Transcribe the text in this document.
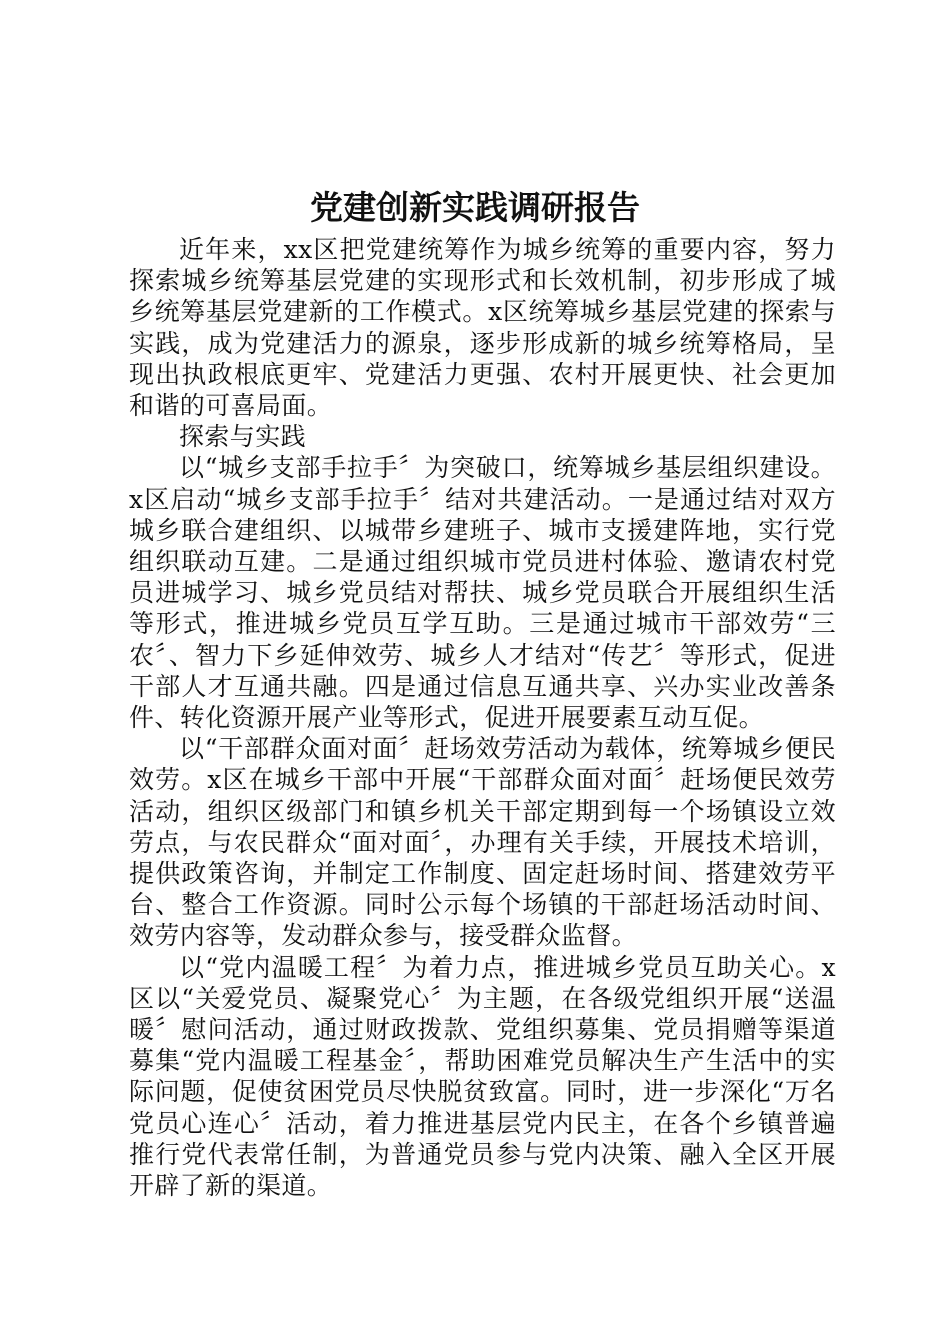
党建创新实践调研报告

近年来，xx区把党建统筹作为城乡统筹的重要内容，努力探索城乡统筹基层党建的实现形式和长效机制，初步形成了城乡统筹基层党建新的工作模式。x区统筹城乡基层党建的探索与实践，成为党建活力的源泉，逐步形成新的城乡统筹格局，呈现出执政根底更牢、党建活力更强、农村开展更快、社会更加和谐的可喜局面。

探索与实践

以“城乡支部手拉手〞为突破口，统筹城乡基层组织建设。x区启动“城乡支部手拉手〞结对共建活动。一是通过结对双方城乡联合建组织、以城带乡建班子、城市支援建阵地，实行党组织联动互建。二是通过组织城市党员进村体验、邀请农村党员进城学习、城乡党员结对帮扶、城乡党员联合开展组织生活等形式，推进城乡党员互学互助。三是通过城市干部效劳“三农〞、智力下乡延伸效劳、城乡人才结对“传艺〞等形式，促进干部人才互通共融。四是通过信息互通共享、兴办实业改善条件、转化资源开展产业等形式，促进开展要素互动互促。

以“干部群众面对面〞赶场效劳活动为载体，统筹城乡便民效劳。x区在城乡干部中开展“干部群众面对面〞赶场便民效劳活动，组织区级部门和镇乡机关干部定期到每一个场镇设立效劳点，与农民群众“面对面〞，办理有关手续，开展技术培训，提供政策咨询，并制定工作制度、固定赶场时间、搭建效劳平台、整合工作资源。同时公示每个场镇的干部赶场活动时间、效劳内容等，发动群众参与，接受群众监督。

以“党内温暖工程〞为着力点，推进城乡党员互助关心。x区以“关爱党员、凝聚党心〞为主题，在各级党组织开展“送温暖〞慰问活动，通过财政拨款、党组织募集、党员捐赠等渠道募集“党内温暖工程基金〞，帮助困难党员解决生产生活中的实际问题，促使贫困党员尽快脱贫致富。同时，进一步深化“万名党员心连心〞活动，着力推进基层党内民主，在各个乡镇普遍推行党代表常任制，为普通党员参与党内决策、融入全区开展开辟了新的渠道。
